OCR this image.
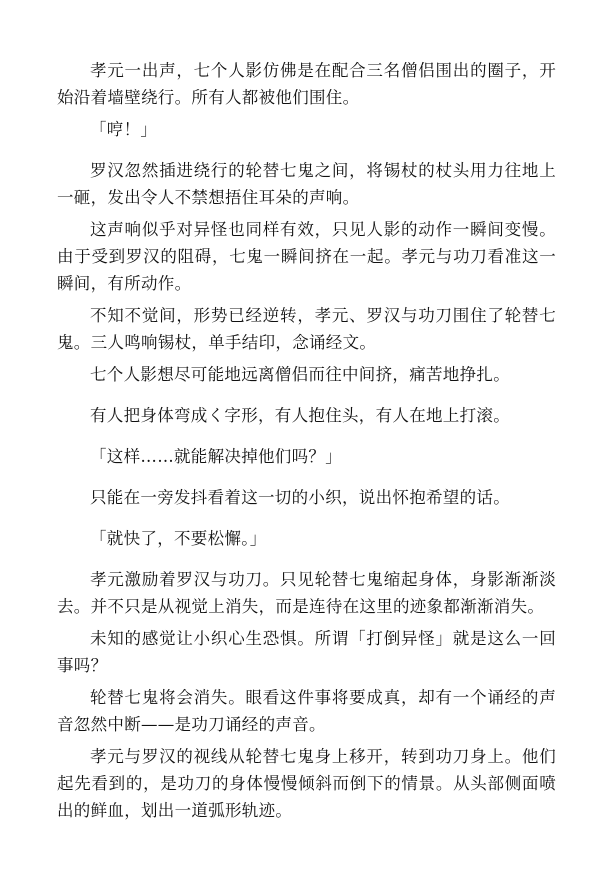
孝元一出声，七个人影仿佛是在配合三名僧侣围出的圈子，开始沿着墙壁绕行。所有人都被他们围住。

「哼！」

罗汉忽然插进绕行的轮替七鬼之间，将锡杖的杖头用力往地上一砸，发出令人不禁想捂住耳朵的声响。

这声响似乎对异怪也同样有效，只见人影的动作一瞬间变慢。由于受到罗汉的阻碍，七鬼一瞬间挤在一起。孝元与功刀看准这一瞬间，有所动作。

不知不觉间，形势已经逆转，孝元、罗汉与功刀围住了轮替七鬼。三人鸣响锡杖，单手结印，念诵经文。

七个人影想尽可能地远离僧侣而往中间挤，痛苦地挣扎。

有人把身体弯成く字形，有人抱住头，有人在地上打滚。

「这样……就能解决掉他们吗？」

只能在一旁发抖看着这一切的小织，说出怀抱希望的话。

「就快了，不要松懈。」

孝元激励着罗汉与功刀。只见轮替七鬼缩起身体，身影渐渐淡去。并不只是从视觉上消失，而是连待在这里的迹象都渐渐消失。

未知的感觉让小织心生恐惧。所谓「打倒异怪」就是这么一回事吗？

轮替七鬼将会消失。眼看这件事将要成真，却有一个诵经的声音忽然中断——是功刀诵经的声音。

孝元与罗汉的视线从轮替七鬼身上移开，转到功刀身上。他们起先看到的，是功刀的身体慢慢倾斜而倒下的情景。从头部侧面喷出的鲜血，划出一道弧形轨迹。
